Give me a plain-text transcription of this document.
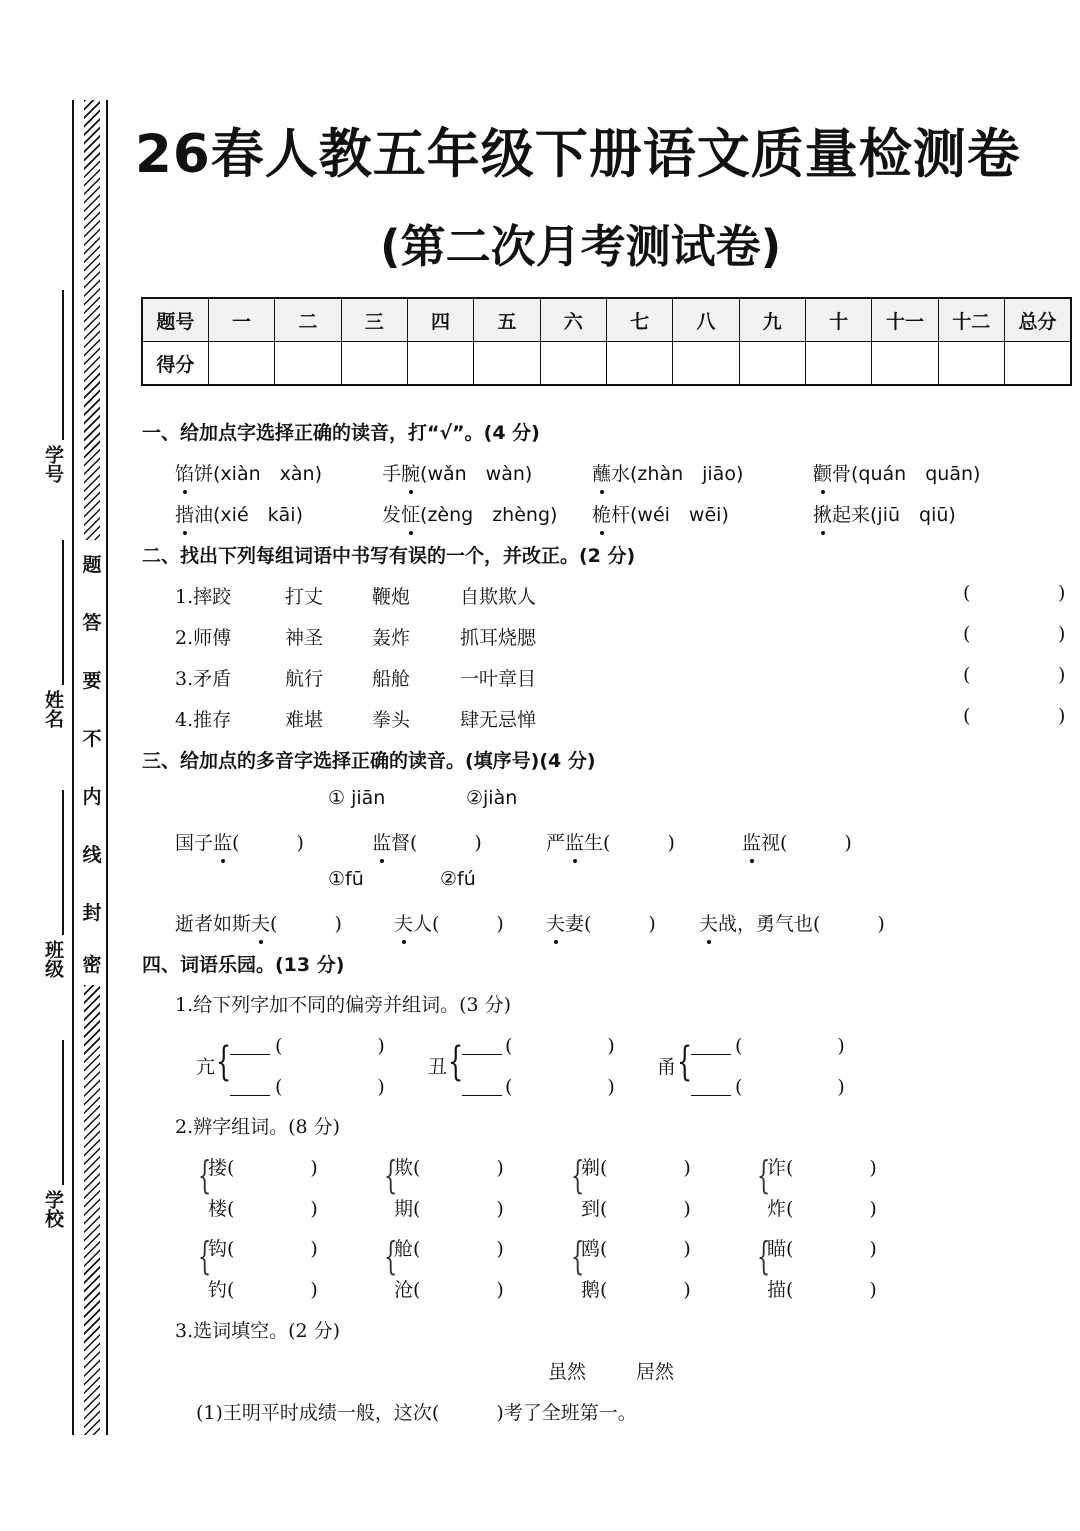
题
答
要
不
内
线
封
密
学号
姓名
班级
学校
26春人教五年级下册语文质量检测卷
(第二次月考测试卷)
题号	一	二	三	四	五	六	七	八	九	十	十一	十二	总分
得分													
一、给加点字选择正确的读音，打“√”。(4 分)
馅饼(xiàn　xàn)	手腕(wǎn　wàn)	蘸水(zhàn　jiāo)	颧骨(quán　quān)
揩油(xié　kāi)	发怔(zèng　zhèng) 桅杆(wéi　wēi)	揪起来(jiū　qiū)
二、找出下列每组词语中书写有误的一个，并改正。(2 分)
1.摔跤	打丈	鞭炮	自欺欺人	(	)
2.师傅	神圣	轰炸	抓耳烧腮	(	)
3.矛盾	航行	船舱	一叶章目	(	)
4.推存	难堪	拳头	肆无忌惮	(	)
三、给加点的多音字选择正确的读音。(填序号)(4 分)
① jiān	②jiàn
国子监(　　　)	监督(　　　)	严监生(　　　)	监视(　　　)
①fū	②fú
逝者如斯夫(　　　)	夫人(　　　) 夫妻(　　　) 夫战，勇气也(　　　)
四、词语乐园。(13 分)
1.给下列字加不同的偏旁并组词。(3 分)
亢 { (　　　　　)
(　　　　　)
丑 { (　　　　　)
(　　　　　)
甬 { (　　　　　)
(　　　　　)
2.辨字组词。(8 分)
{
搂(　　　　)
楼(　　　　)
{
欺(　　　　)
期(　　　　)
{
剃(　　　　)
到(　　　　)
{
诈(　　　　)
炸(　　　　)
{
钩(　　　　)
钓(　　　　)
{
舱(　　　　)
沧(　　　　)
{
鸥(　　　　)
鹅(　　　　)
{
瞄(　　　　)
描(　　　　)
3.选词填空。(2 分)
虽然	居然
(1)王明平时成绩一般，这次(　　　)考了全班第一。
